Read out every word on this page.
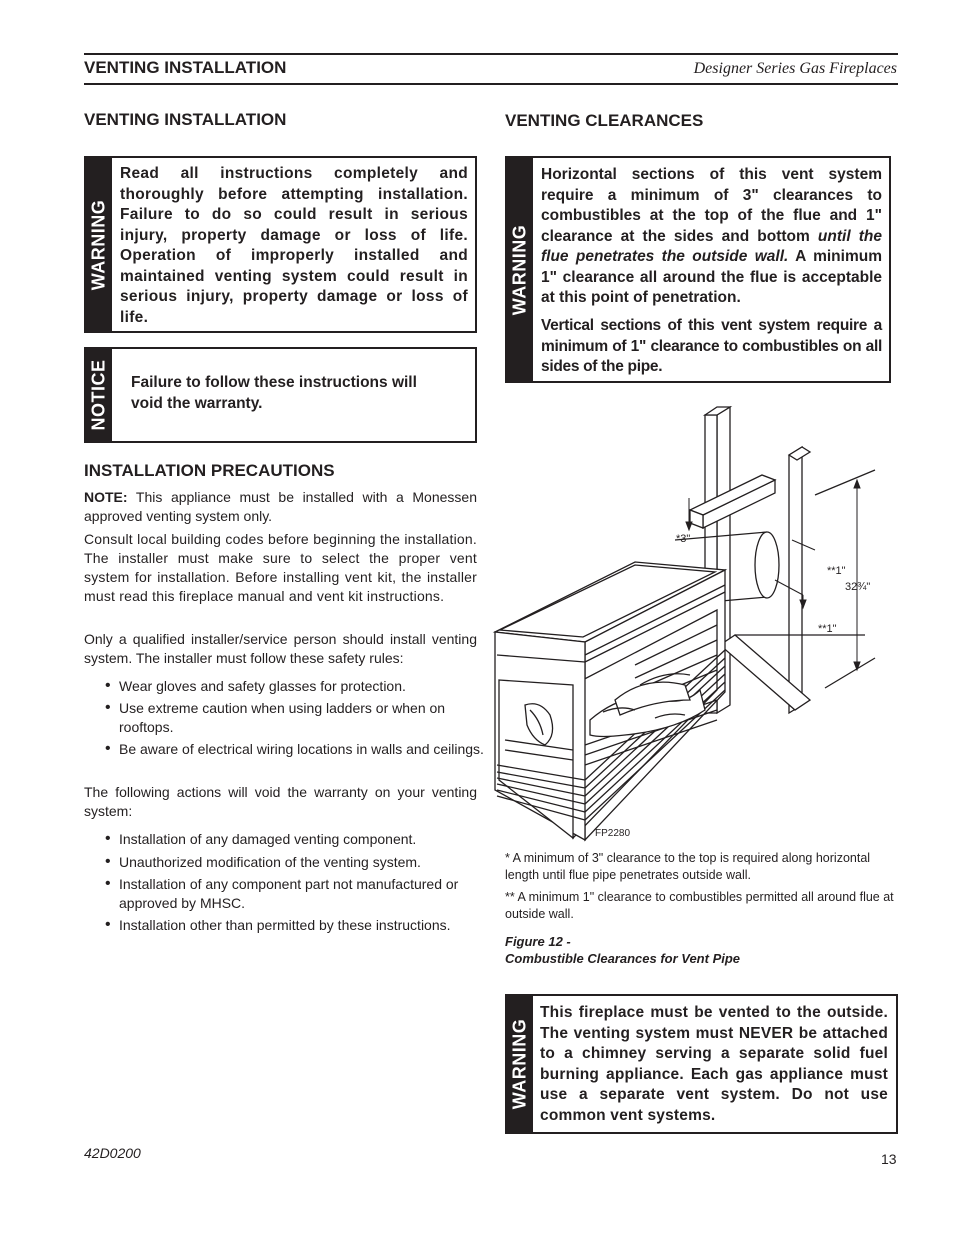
VENTING INSTALLATION	Designer Series Gas Fireplaces
VENTING INSTALLATION
WARNING
Read all instructions completely and thoroughly before attempting installation. Failure to do so could result in serious injury, property damage or loss of life. Operation of improperly installed and maintained venting system could result in serious injury, property damage or loss of life.
NOTICE Failure to follow these instructions will void the warranty.
INSTALLATION PRECAUTIONS
NOTE: This appliance must be installed with a Monessen approved venting system only.
Consult local building codes before beginning the installation. The installer must make sure to select the proper vent system for installation. Before installing vent kit, the installer must read this fireplace manual and vent kit instructions.
Only a qualified installer/service person should install venting system. The installer must follow these safety rules:
• Wear gloves and safety glasses for protection.
• Use extreme caution when using ladders or when on rooftops.
• Be aware of electrical wiring locations in walls and ceilings.
The following actions will void the warranty on your venting system:
• Installation of any damaged venting component.
• Unauthorized modification of the venting system.
• Installation of any component part not manufactured or approved by MHSC.
• Installation other than permitted by these instructions.
VENTING CLEARANCES
WARNING
Horizontal sections of this vent system require a minimum of 3" clearances to combustibles at the top of the flue and 1" clearance at the sides and bottom until the flue penetrates the outside wall. A minimum 1" clearance all around the flue is acceptable at this point of penetration.
Vertical sections of this vent system require a minimum of 1" clearance to combustibles on all sides of the pipe.
*3"
**1"
**1"
32¾"
FP2280
* A minimum of 3" clearance to the top is required along horizontal length until flue pipe penetrates outside wall.
** A minimum 1" clearance to combustibles permitted all around flue at outside wall.
Figure 12 -
Combustible Clearances for Vent Pipe
WARNING
This fireplace must be vented to the outside. The venting system must NEVER be attached to a chimney serving a separate solid fuel burning appliance. Each gas appliance must use a separate vent system. Do not use common vent systems.
42D0200	13
